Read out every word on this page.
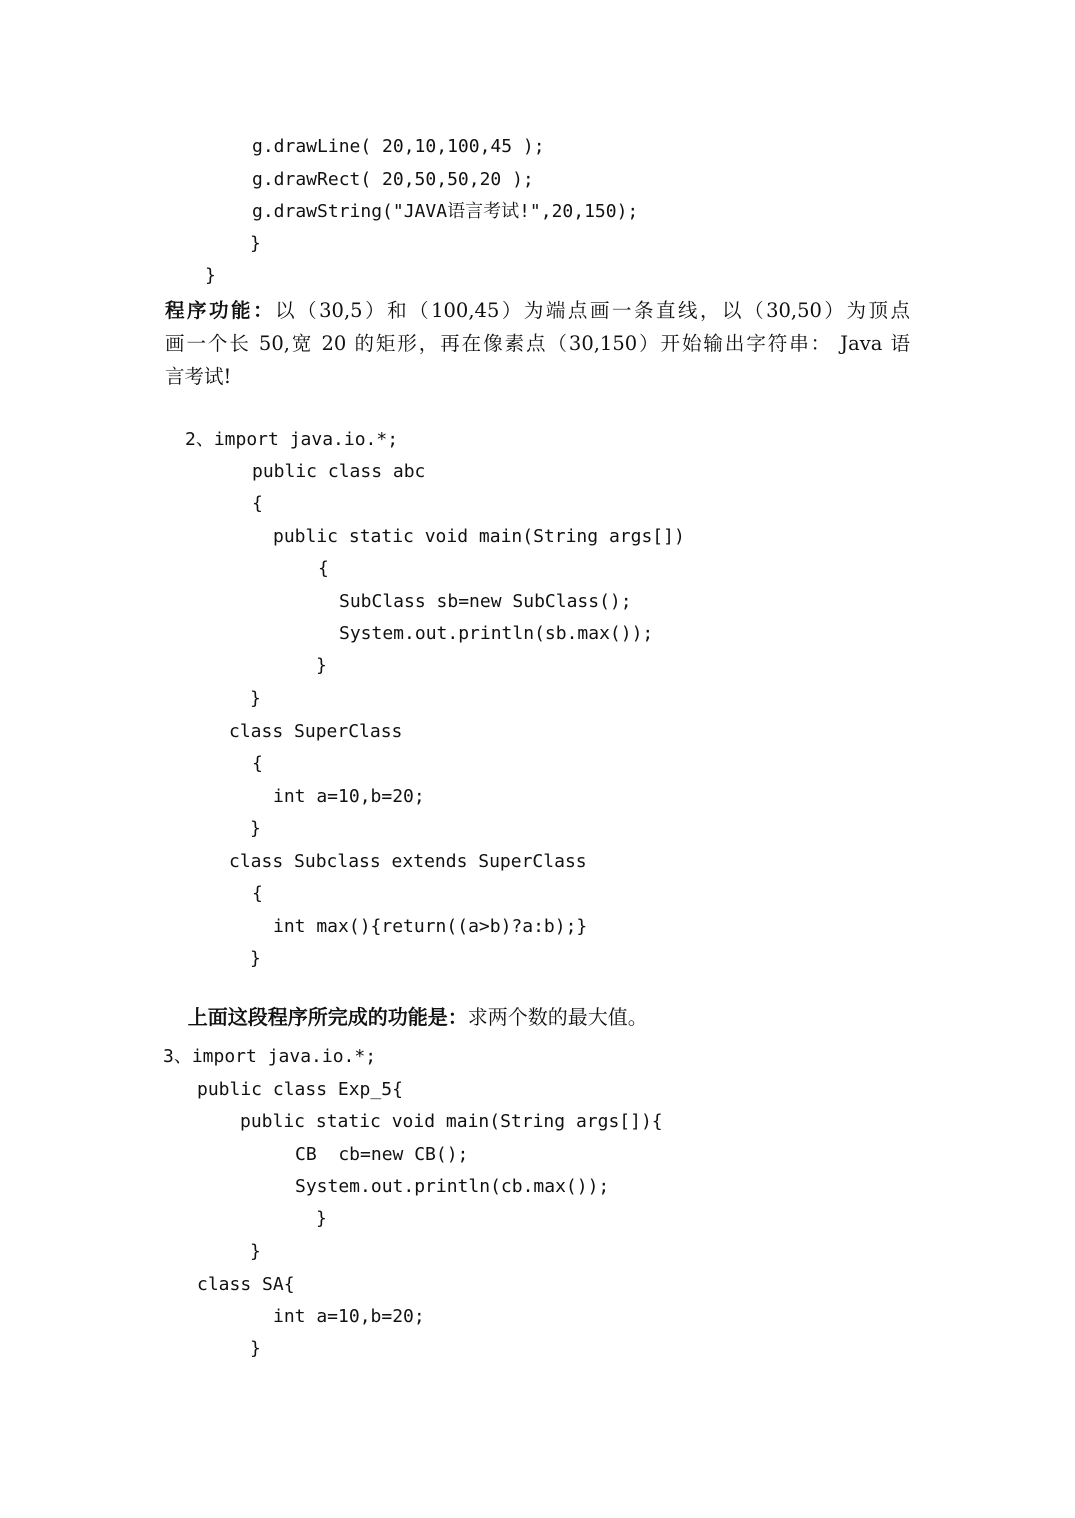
g.drawLine( 20,10,100,45 );
g.drawRect( 20,50,50,20 );
g.drawString("JAVA语言考试!",20,150);
}
}
程序功能：以（30,5）和（100,45）为端点画一条直线，以（30,50）为顶点
画一个长 50,宽 20 的矩形，再在像素点（30,150）开始输出字符串： Java 语
言考试!
2、import java.io.*;
public class abc
{
public static void main(String args[])
{
SubClass sb=new SubClass();
System.out.println(sb.max());
}
}
class SuperClass
{
int a=10,b=20;
}
class Subclass extends SuperClass
{
int max(){return((a>b)?a:b);}
}

上面这段程序所完成的功能是：求两个数的最大值。

3、import java.io.*;
public class Exp_5{
public static void main(String args[]){
CB  cb=new CB();
System.out.println(cb.max());
}
}
class SA{
int a=10,b=20;
}
